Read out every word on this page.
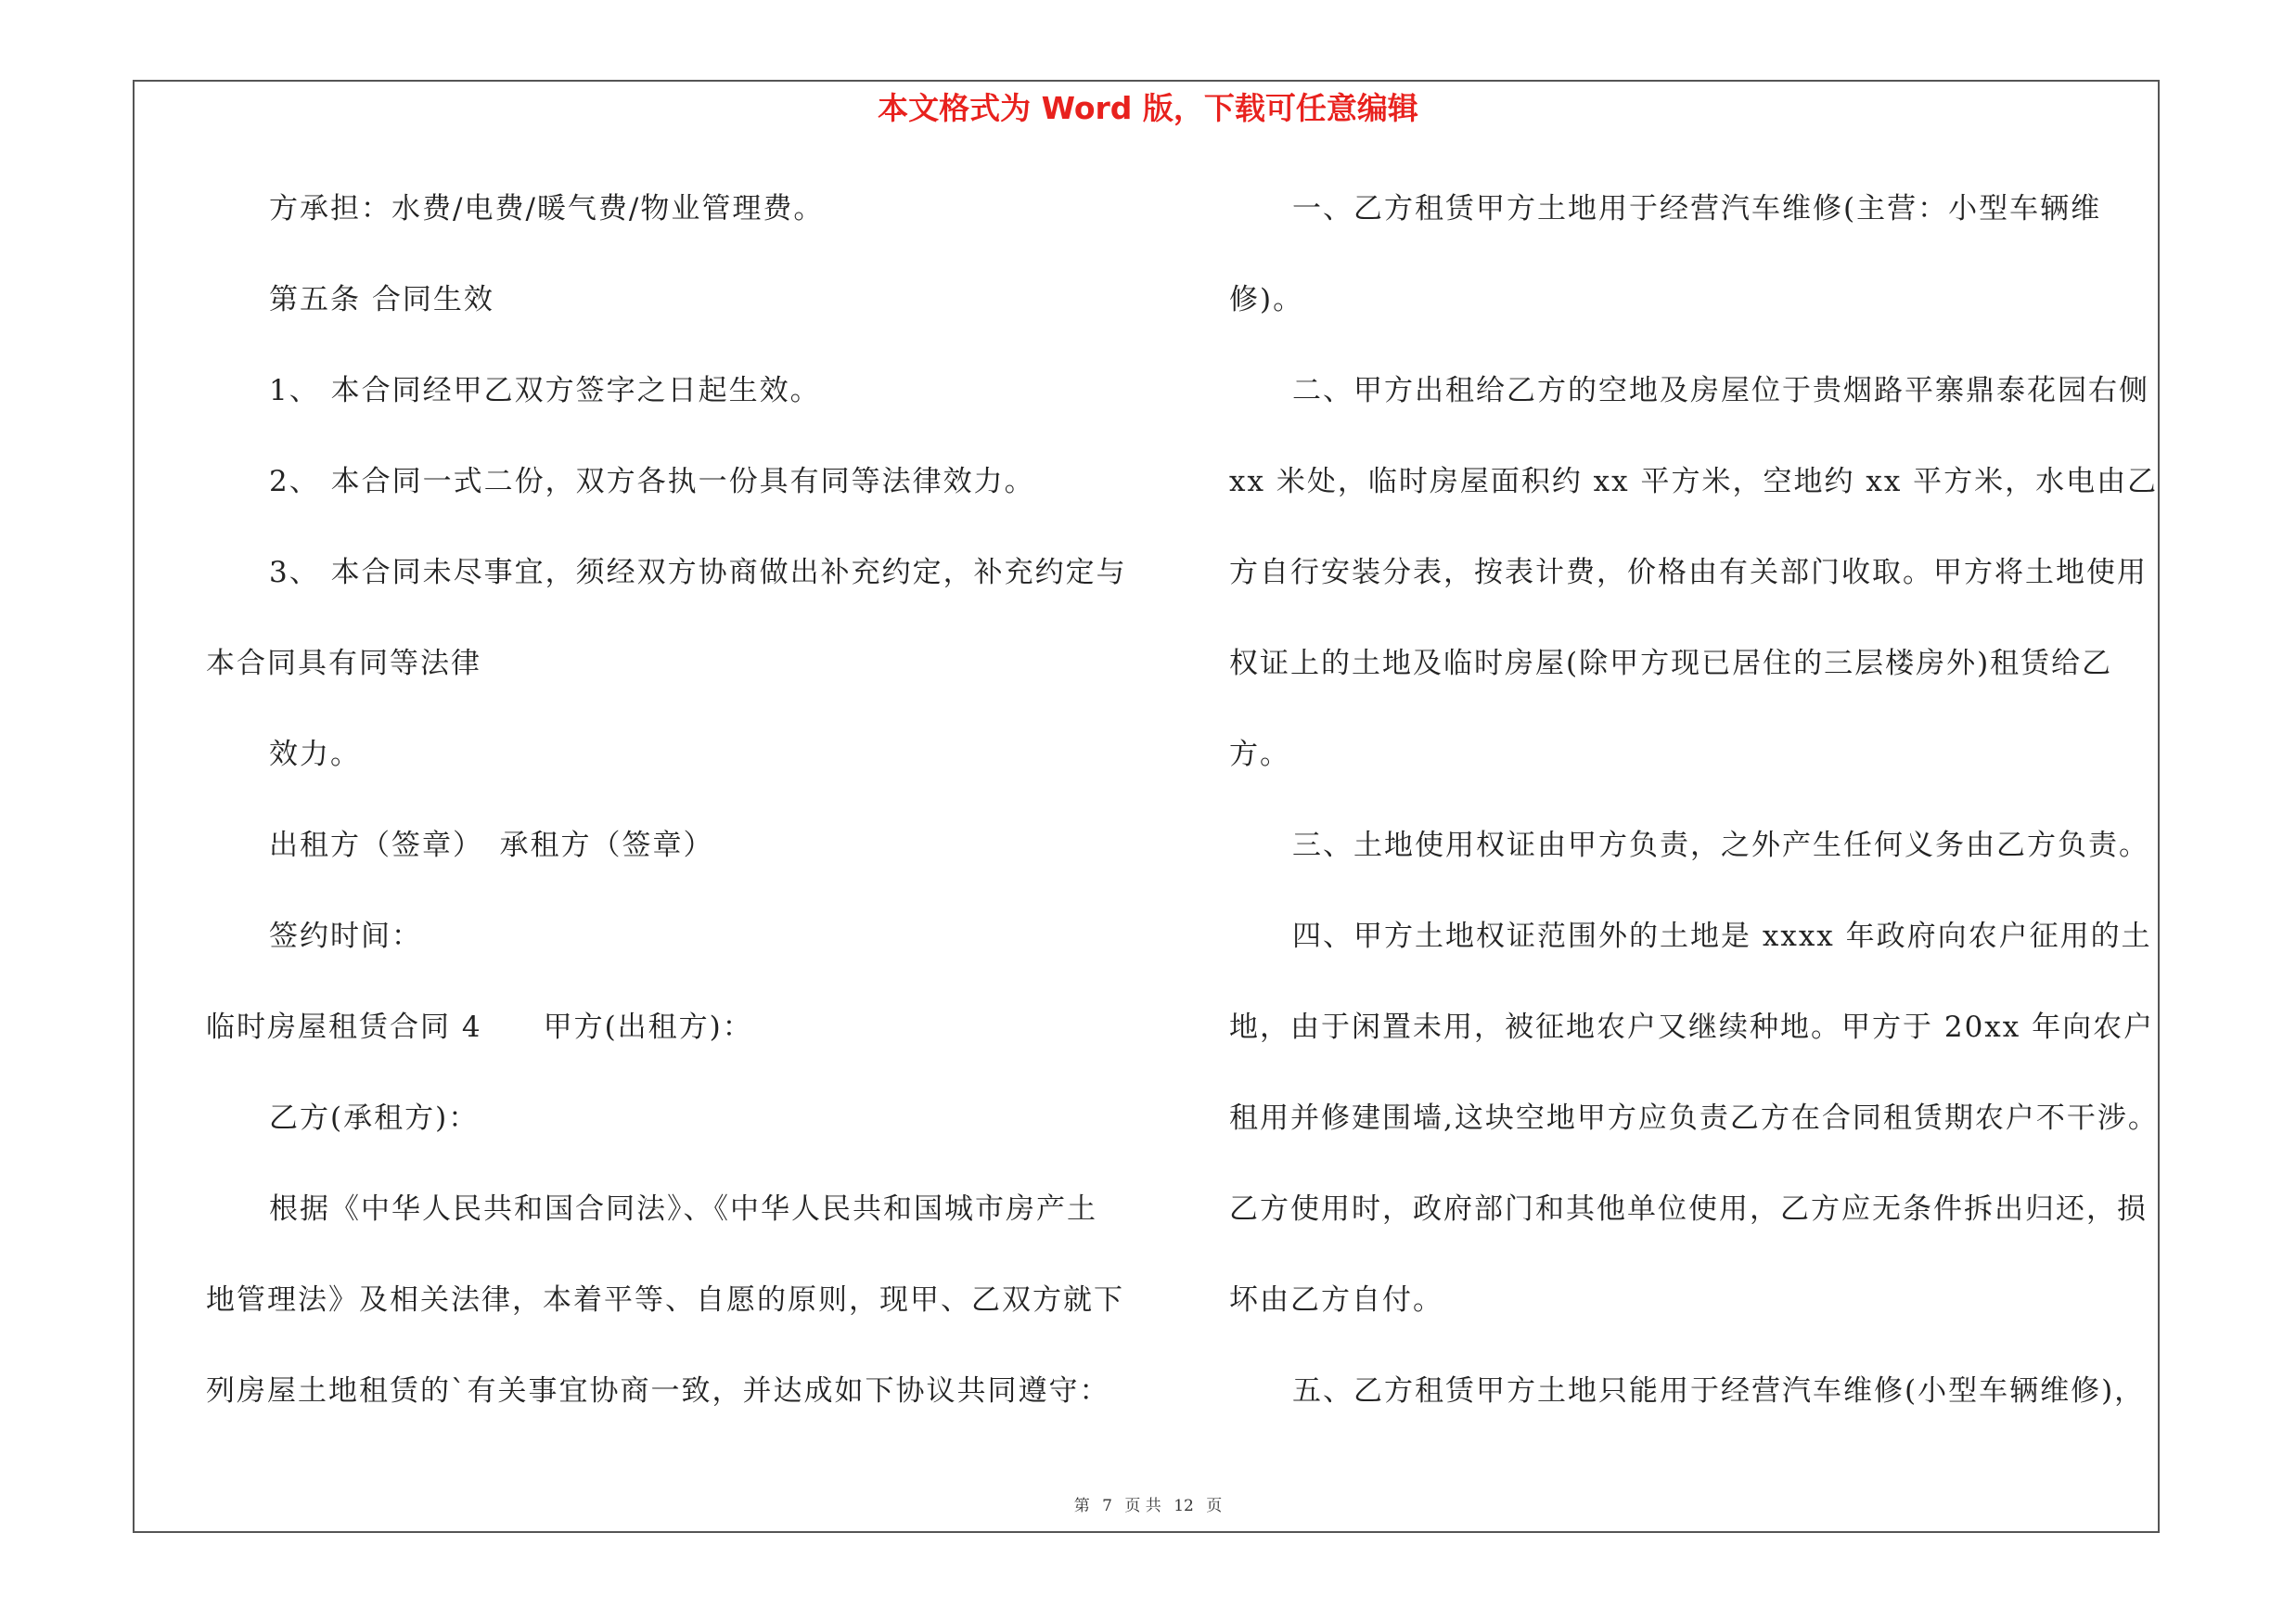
本文格式为 Word 版，下载可任意编辑
方承担：水费/电费/暖气费/物业管理费。
第五条 合同生效
1、 本合同经甲乙双方签字之日起生效。
2、 本合同一式二份，双方各执一份具有同等法律效力。
3、 本合同未尽事宜，须经双方协商做出补充约定，补充约定与
本合同具有同等法律
效力。
出租方（签章）　承租方（签章）
签约时间：
临时房屋租赁合同 4　　甲方(出租方)：
乙方(承租方)：
根据《中华人民共和国合同法》、《中华人民共和国城市房产土
地管理法》及相关法律，本着平等、自愿的原则，现甲、乙双方就下
列房屋土地租赁的`有关事宜协商一致，并达成如下协议共同遵守：
一、乙方租赁甲方土地用于经营汽车维修(主营：小型车辆维
修)。
二、甲方出租给乙方的空地及房屋位于贵烟路平寨鼎泰花园右侧
xx 米处，临时房屋面积约 xx 平方米，空地约 xx 平方米，水电由乙
方自行安装分表，按表计费，价格由有关部门收取。甲方将土地使用
权证上的土地及临时房屋(除甲方现已居住的三层楼房外)租赁给乙
方。
三、土地使用权证由甲方负责，之外产生任何义务由乙方负责。
四、甲方土地权证范围外的土地是 xxxx 年政府向农户征用的土
地，由于闲置未用，被征地农户又继续种地。甲方于 20xx 年向农户
租用并修建围墙,这块空地甲方应负责乙方在合同租赁期农户不干涉。
乙方使用时，政府部门和其他单位使用，乙方应无条件拆出归还，损
坏由乙方自付。
五、乙方租赁甲方土地只能用于经营汽车维修(小型车辆维修)，
第 7 页 共 12 页
